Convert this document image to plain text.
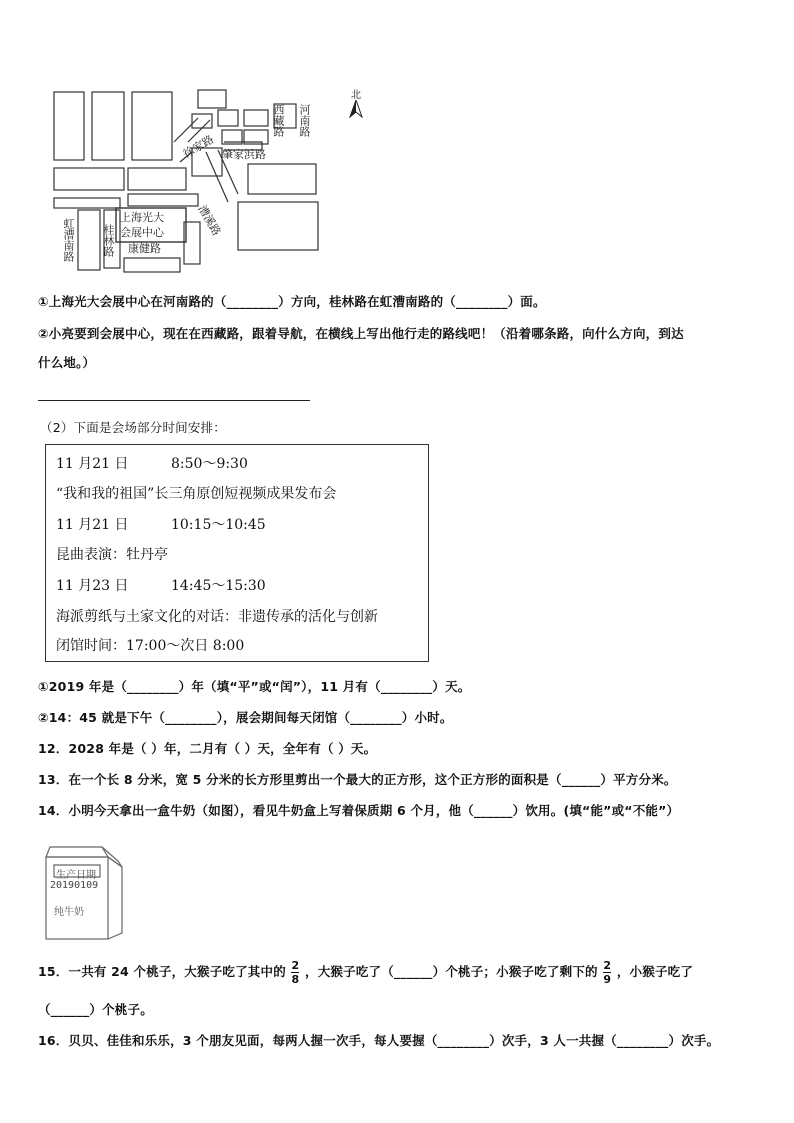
河南路
西藏路
徐家路 肇家浜路
漕溪路
虹漕南路	桂林路 康健路
上海光大
会展中心
北
①上海光大会展中心在河南路的（________）方向，桂林路在虹漕南路的（________）面。
②小亮要到会展中心，现在在西藏路，跟着导航，在横线上写出他行走的路线吧！（沿着哪条路，向什么方向，到达
什么地。）
（2）下面是会场部分时间安排：
11 月21 日	8:50～9:30
“我和我的祖国”长三角原创短视频成果发布会
11 月21 日	10:15～10:45
昆曲表演：牡丹亭
11 月23 日	14:45～15:30
海派剪纸与土家文化的对话：非遗传承的活化与创新
闭馆时间：17:00～次日 8:00
①2019 年是（________）年（填“平”或“闰”），11 月有（________）天。
②14：45 就是下午（________），展会期间每天闭馆（________）小时。
12．2028 年是（ ）年，二月有（ ）天，全年有（ ）天。
13．在一个长 8 分米，宽 5 分米的长方形里剪出一个最大的正方形，这个正方形的面积是（______）平方分米。
14．小明今天拿出一盒牛奶（如图），看见牛奶盒上写着保质期 6 个月，他（______）饮用。(填“能”或“不能”）
生产日期
20190109
纯牛奶
15．一共有 24 个桃子，大猴子吃了其中的 $\frac{2}{8}$ ，大猴子吃了（______）个桃子；小猴子吃了剩下的 $\frac{2}{9}$ ，小猴子吃了
（______）个桃子。
16．贝贝、佳佳和乐乐，3 个朋友见面，每两人握一次手，每人要握（________）次手，3 人一共握（________）次手。
